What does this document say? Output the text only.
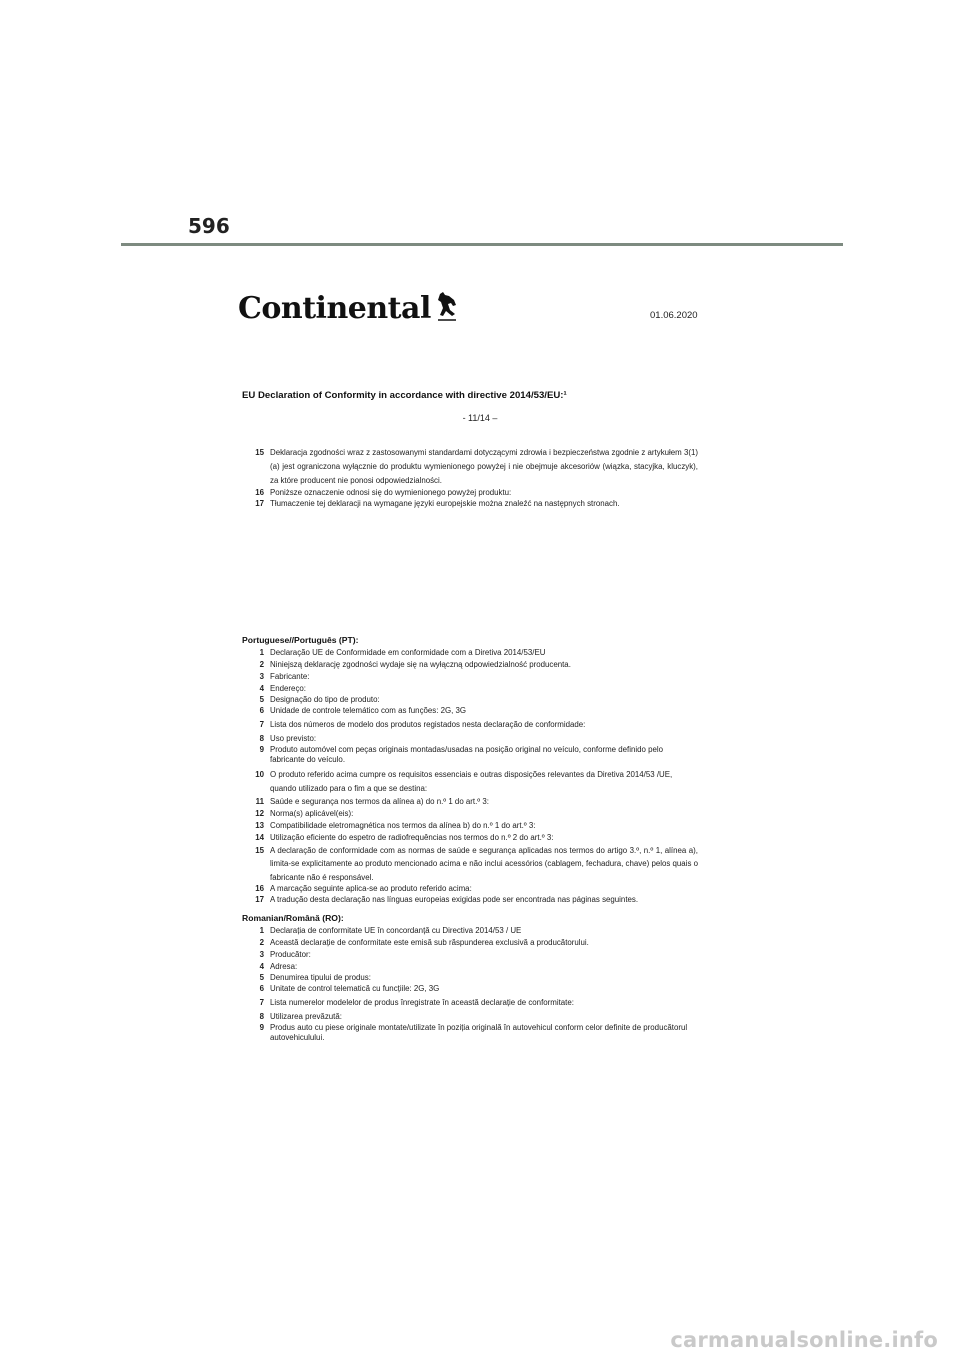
596
Continental	01.06.2020
EU Declaration of Conformity in accordance with directive 2014/53/EU:¹
- 11/14 –
15 Deklaracja zgodności wraz z zastosowanymi standardami dotyczącymi zdrowia i bezpieczeństwa zgodnie z artykułem 3(1)(a) jest ograniczona wyłącznie do produktu wymienionego powyżej i nie obejmuje akcesoriów (wiązka, stacyjka, kluczyk), za które producent nie ponosi odpowiedzialności.
16 Poniższe oznaczenie odnosi się do wymienionego powyżej produktu:
17 Tłumaczenie tej deklaracji na wymagane języki europejskie można znaleźć na następnych stronach.
Portuguese//Português (PT):
1 Declaração UE de Conformidade em conformidade com a Diretiva 2014/53/EU
2 Niniejszą deklarację zgodności wydaje się na wyłączną odpowiedzialność producenta.
3 Fabricante:
4 Endereço:
5 Designação do tipo de produto:
6 Unidade de controle telemático com as funções: 2G, 3G
7 Lista dos números de modelo dos produtos registados nesta declaração de conformidade:
8 Uso previsto:
9 Produto automóvel com peças originais montadas/usadas na posição original no veículo, conforme definido pelo fabricante do veículo.
10 O produto referido acima cumpre os requisitos essenciais e outras disposições relevantes da Diretiva 2014/53 /UE, quando utilizado para o fim a que se destina:
11 Saúde e segurança nos termos da alínea a) do n.º 1 do art.º 3:
12 Norma(s) aplicável(eis):
13 Compatibilidade eletromagnética nos termos da alínea b) do n.º 1 do art.º 3:
14 Utilização eficiente do espetro de radiofrequências nos termos do n.º 2 do art.º 3:
15 A declaração de conformidade com as normas de saúde e segurança aplicadas nos termos do artigo 3.º, n.º 1, alínea a), limita-se explicitamente ao produto mencionado acima e não inclui acessórios (cablagem, fechadura, chave) pelos quais o fabricante não é responsável.
16 A marcação seguinte aplica-se ao produto referido acima:
17 A tradução desta declaração nas línguas europeias exigidas pode ser encontrada nas páginas seguintes.
Romanian/Română (RO):
1 Declarația de conformitate UE în concordanță cu Directiva 2014/53 / UE
2 Această declarație de conformitate este emisă sub răspunderea exclusivă a producătorului.
3 Producător:
4 Adresa:
5 Denumirea tipului de produs:
6 Unitate de control telematică cu funcțiile: 2G, 3G
7 Lista numerelor modelelor de produs înregistrate în această declarație de conformitate:
8 Utilizarea prevăzută:
9 Produs auto cu piese originale montate/utilizate în poziția originală în autovehicul conform celor definite de producătorul autovehiculului.
carmanualsonline.info
